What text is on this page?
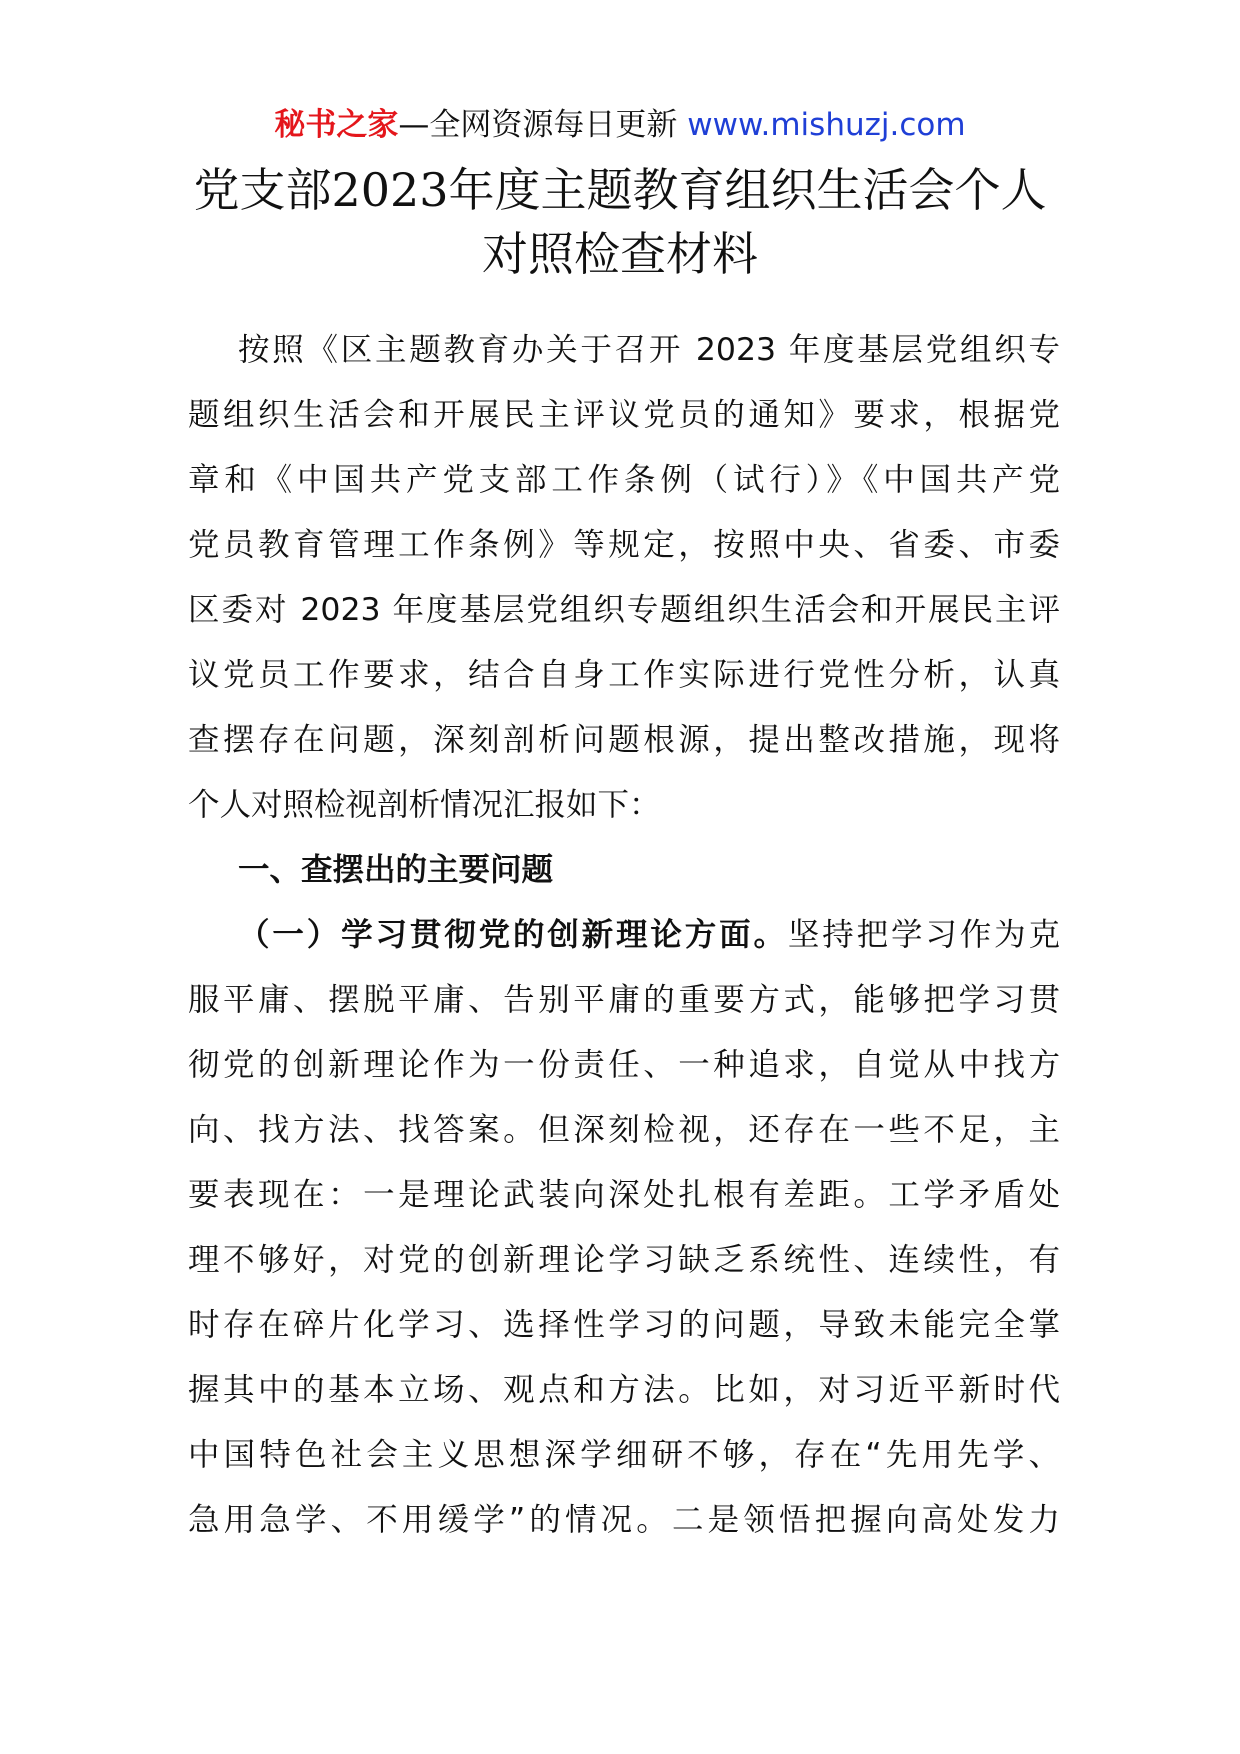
秘书之家—全网资源每日更新 www.mishuzj.com
党支部2023年度主题教育组织生活会个人
对照检查材料
按照《区主题教育办关于召开 2023 年度基层党组织专
题组织生活会和开展民主评议党员的通知》要求，根据党
章和《中国共产党支部工作条例（试行）》《中国共产党
党员教育管理工作条例》等规定，按照中央、省委、市委
区委对 2023 年度基层党组织专题组织生活会和开展民主评
议党员工作要求，结合自身工作实际进行党性分析，认真
查摆存在问题，深刻剖析问题根源，提出整改措施，现将
个人对照检视剖析情况汇报如下：
一、查摆出的主要问题
（一）学习贯彻党的创新理论方面。坚持把学习作为克
服平庸、摆脱平庸、告别平庸的重要方式，能够把学习贯
彻党的创新理论作为一份责任、一种追求，自觉从中找方
向、找方法、找答案。但深刻检视，还存在一些不足，主
要表现在：一是理论武装向深处扎根有差距。工学矛盾处
理不够好，对党的创新理论学习缺乏系统性、连续性，有
时存在碎片化学习、选择性学习的问题，导致未能完全掌
握其中的基本立场、观点和方法。比如，对习近平新时代
中国特色社会主义思想深学细研不够，存在“先用先学、
急用急学、不用缓学”的情况。二是领悟把握向高处发力
